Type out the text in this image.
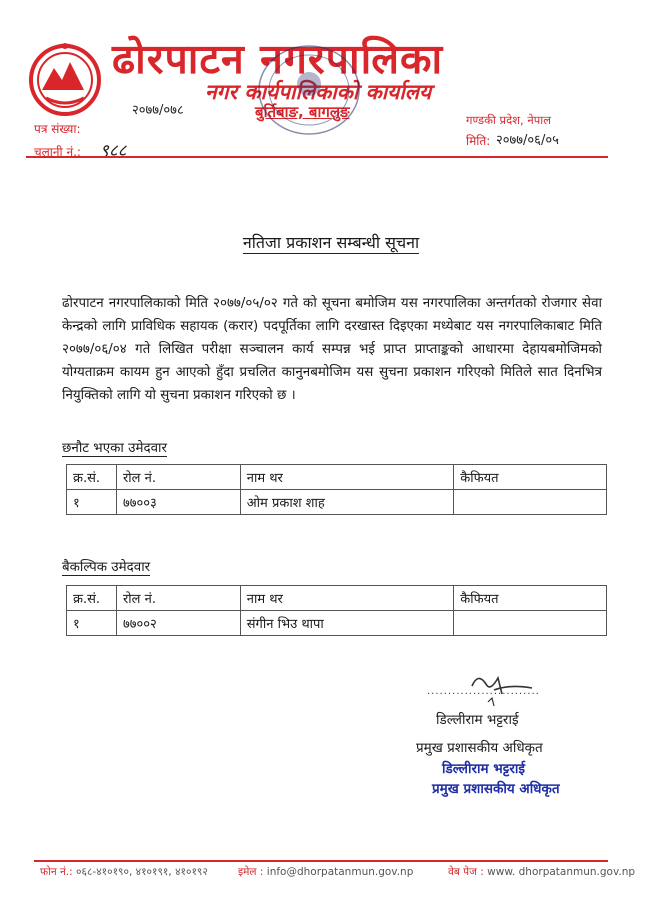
ढोरपाटन नगरपालिका
नगर कार्यपालिकाको कार्यालय
बुर्तिबाङ, बागलुङ
२०७७/०७८
पत्र संख्या:
चलानी नं.: ९८८
गण्डकी प्रदेश, नेपाल
मिति: २०७७/०६/०५
नतिजा प्रकाशन सम्बन्धी सूचना
ढोरपाटन नगरपालिकाको मिति २०७७/०५/०२ गते को सूचना बमोजिम यस नगरपालिका अन्तर्गतको रोजगार सेवा केन्द्रको लागि प्राविधिक सहायक (करार) पदपूर्तिका लागि दरखास्त दिइएका मध्येबाट यस नगरपालिकाबाट मिति २०७७/०६/०४ गते लिखित परीक्षा सञ्चालन कार्य सम्पन्न भई प्राप्त प्राप्ताङ्कको आधारमा देहायबमोजिमको योग्यताक्रम कायम हुन आएको हुँदा प्रचलित कानुनबमोजिम यस सुचना प्रकाशन गरिएको मितिले सात दिनभित्र नियुक्तिको लागि यो सुचना प्रकाशन गरिएको छ ।
छनौट भएका उमेदवार
क्र.सं.	रोल नं.	नाम थर	कैफियत
१	७७००३	ओम प्रकाश शाह	
बैकल्पिक उमेदवार
क्र.सं.	रोल नं.	नाम थर	कैफियत
१	७७००२	संगीन भिउ थापा	
...........................
डिल्लीराम भट्टराई
प्रमुख प्रशासकीय अधिकृत
डिल्लीराम भट्टराई
प्रमुख प्रशासकीय अधिकृत
फोन नं.: ०६८-४१०१९०, ४१०१९१, ४१०१९२	इमेल : info@dhorpatanmun.gov.np	वेब पेज : www. dhorpatanmun.gov.np
